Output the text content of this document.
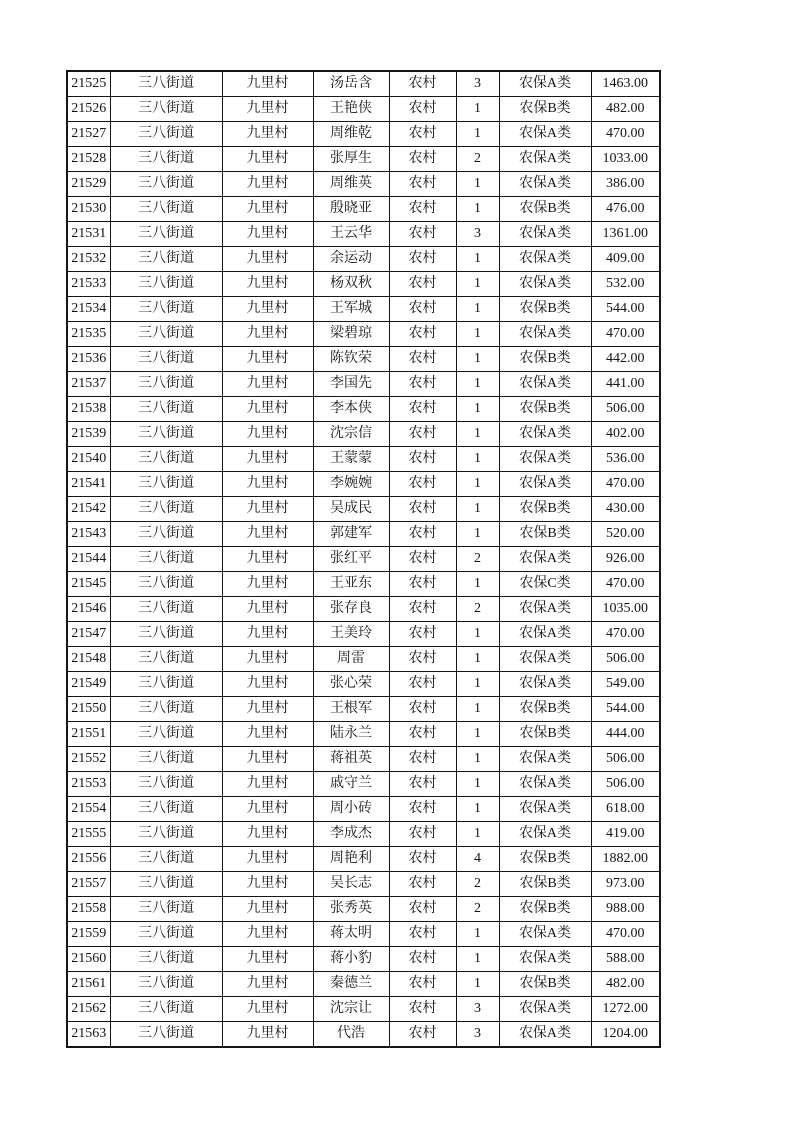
21525	三八街道	九里村	汤岳含	农村	3	农保A类	1463.00
21526	三八街道	九里村	王艳侠	农村	1	农保B类	482.00
21527	三八街道	九里村	周维乾	农村	1	农保A类	470.00
21528	三八街道	九里村	张厚生	农村	2	农保A类	1033.00
21529	三八街道	九里村	周维英	农村	1	农保A类	386.00
21530	三八街道	九里村	殷晓亚	农村	1	农保B类	476.00
21531	三八街道	九里村	王云华	农村	3	农保A类	1361.00
21532	三八街道	九里村	余运动	农村	1	农保A类	409.00
21533	三八街道	九里村	杨双秋	农村	1	农保A类	532.00
21534	三八街道	九里村	王军城	农村	1	农保B类	544.00
21535	三八街道	九里村	梁碧琼	农村	1	农保A类	470.00
21536	三八街道	九里村	陈钦荣	农村	1	农保B类	442.00
21537	三八街道	九里村	李国先	农村	1	农保A类	441.00
21538	三八街道	九里村	李本侠	农村	1	农保B类	506.00
21539	三八街道	九里村	沈宗信	农村	1	农保A类	402.00
21540	三八街道	九里村	王蒙蒙	农村	1	农保A类	536.00
21541	三八街道	九里村	李婉婉	农村	1	农保A类	470.00
21542	三八街道	九里村	吴成民	农村	1	农保B类	430.00
21543	三八街道	九里村	郭建军	农村	1	农保B类	520.00
21544	三八街道	九里村	张红平	农村	2	农保A类	926.00
21545	三八街道	九里村	王亚东	农村	1	农保C类	470.00
21546	三八街道	九里村	张存良	农村	2	农保A类	1035.00
21547	三八街道	九里村	王美玲	农村	1	农保A类	470.00
21548	三八街道	九里村	周雷	农村	1	农保A类	506.00
21549	三八街道	九里村	张心荣	农村	1	农保A类	549.00
21550	三八街道	九里村	王根军	农村	1	农保B类	544.00
21551	三八街道	九里村	陆永兰	农村	1	农保B类	444.00
21552	三八街道	九里村	蒋祖英	农村	1	农保A类	506.00
21553	三八街道	九里村	戚守兰	农村	1	农保A类	506.00
21554	三八街道	九里村	周小砖	农村	1	农保A类	618.00
21555	三八街道	九里村	李成杰	农村	1	农保A类	419.00
21556	三八街道	九里村	周艳利	农村	4	农保B类	1882.00
21557	三八街道	九里村	吴长志	农村	2	农保B类	973.00
21558	三八街道	九里村	张秀英	农村	2	农保B类	988.00
21559	三八街道	九里村	蒋太明	农村	1	农保A类	470.00
21560	三八街道	九里村	蒋小豹	农村	1	农保A类	588.00
21561	三八街道	九里村	秦德兰	农村	1	农保B类	482.00
21562	三八街道	九里村	沈宗让	农村	3	农保A类	1272.00
21563	三八街道	九里村	代浩	农村	3	农保A类	1204.00
